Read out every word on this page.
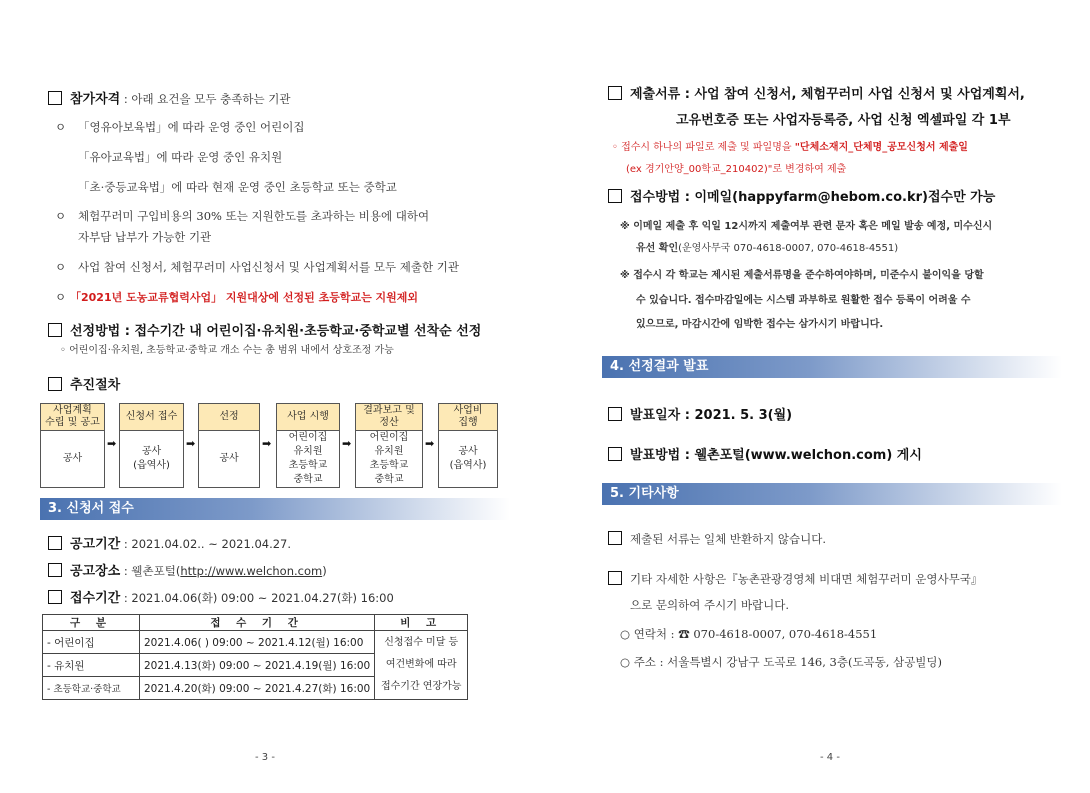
참가자격 : 아래 요건을 모두 충족하는 기관
ㅇ 「영유아보육법」에 따라 운영 중인 어린이집
「유아교육법」에 따라 운영 중인 유치원
「초·중등교육법」에 따라 현재 운영 중인 초등학교 또는 중학교
ㅇ 체험꾸러미 구입비용의 30% 또는 지원한도를 초과하는 비용에 대하여
자부담 납부가 가능한 기관
ㅇ 사업 참여 신청서, 체험꾸러미 사업신청서 및 사업계획서를 모두 제출한 기관
ㅇ 「2021년 도농교류협력사업」 지원대상에 선정된 초등학교는 지원제외
선정방법 : 접수기간 내 어린이집·유치원·초등학교·중학교별 선착순 선정
◦ 어린이집·유치원, 초등학교·중학교 개소 수는 총 범위 내에서 상호조정 가능
추진절차
사업계획
수립 및 공고
공사
➡
신청서 접수
공사
(읍역사)
➡
선정
공사
➡
사업 시행
어린이집
유치원
초등학교
중학교
➡
결과보고 및
정산
어린이집
유치원
초등학교
중학교
➡
사업비
집행
공사
(읍역사)
3. 신청서 접수
공고기간 : 2021.04.02.. ~ 2021.04.27.
공고장소 : 웰촌포털(http://www.welchon.com)
접수기간 : 2021.04.06(화) 09:00 ~ 2021.04.27(화) 16:00
구 분	접 수 기 간	비 고
- 어린이집	2021.4.06( ) 09:00 ~ 2021.4.12(월) 16:00	신청접수 미달 등
여건변화에 따라
접수기간 연장가능
- 유치원	2021.4.13(화) 09:00 ~ 2021.4.19(월) 16:00	
- 초등학교·중학교	2021.4.20(화) 09:00 ~ 2021.4.27(화) 16:00	
- 3 -
제출서류 : 사업 참여 신청서, 체험꾸러미 사업 신청서 및 사업계획서,
고유번호증 또는 사업자등록증, 사업 신청 엑셀파일 각 1부
◦ 접수시 하나의 파일로 제출 및 파일명을 "단체소재지_단체명_공모신청서 제출일
(ex 경기안양_00학교_210402)"로 변경하여 제출
접수방법 : 이메일(happyfarm@hebom.co.kr)접수만 가능
※ 이메일 제출 후 익일 12시까지 제출여부 관련 문자 혹은 메일 발송 예정, 미수신시
유선 확인(운영사무국 070-4618-0007, 070-4618-4551)
※ 접수시 각 학교는 제시된 제출서류명을 준수하여야하며, 미준수시 불이익을 당할
수 있습니다. 접수마감일에는 시스템 과부하로 원활한 접수 등록이 어려울 수
있으므로, 마감시간에 임박한 접수는 삼가시기 바랍니다.
4. 선정결과 발표
발표일자 : 2021. 5. 3(월)
발표방법 : 웰촌포털(www.welchon.com) 게시
5. 기타사항
제출된 서류는 일체 반환하지 않습니다.
기타 자세한 사항은『농촌관광경영체 비대면 체험꾸러미 운영사무국』
으로 문의하여 주시기 바랍니다.
○ 연락처 : ☎ 070-4618-0007, 070-4618-4551
○ 주소 : 서울특별시 강남구 도곡로 146, 3층(도곡동, 삼공빌딩)
- 4 -
